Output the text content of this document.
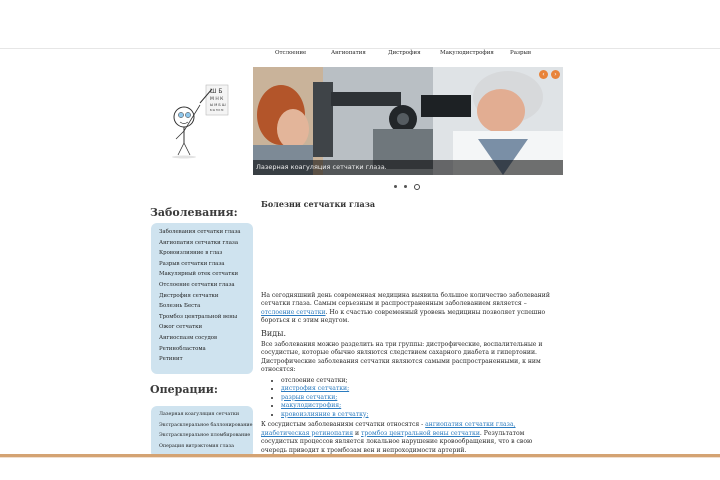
Отслоение	Ангиопатия	Дистрофия	Макулодистрофия	Разрыв
Ш Б
М Н К
Ы М Б Ш
Б Ы Н К М
Лазерная коагуляция сетчатки глаза.
‹	›
Заболевания:
Заболевания сетчатки глаза
Ангиопатия сетчатки глаза
Кровоизлияние в глаз
Разрыв сетчатки глаза
Макулярный отек сетчатки
Отслоение сетчатки глаза
Дистрофия сетчатки
Болезнь Беста
Тромбоз центральной вены
Ожог сетчатки
Ангиоспазм сосудов
Ретинобластома
Ретинит
Операции:
Лазерная коагуляция сетчатки
Экстрасклеральное баллонирование
Экстрасклеральное пломбирование
Операция витрэктомия глаза
Болезни сетчатки глаза

На сегодняшний день современная медицина выявила большое количество заболеваний сетчатки глаза. Самым серьезным и распространенным заболеванием является – отслоение сетчатки. Но к счастью современный уровень медицины позволяет успешно бороться и с этим недугом.

Виды.

Все заболевания можно разделить на три группы: дистрофические, воспалительные и сосудистые, которые обычно являются следствием сахарного диабета и гипертонии.

Дистрофические заболевания сетчатки являются самыми распространенными, к ним относятся:

• отслоение сетчатки;
• дистрофия сетчатки;
• разрыв сетчатки;
• макулодистрофия;
• кровоизлияние в сетчатку;

К сосудистым заболеваниям сетчатки относятся - ангиопатия сетчатки глаза, диабетическая ретинопатия и тромбоз центральной вены сетчатки. Результатом сосудистых процессов является локальное нарушение кровообращения, что в свою очередь приводит к тромбозам вен и непроходимости артерий.
